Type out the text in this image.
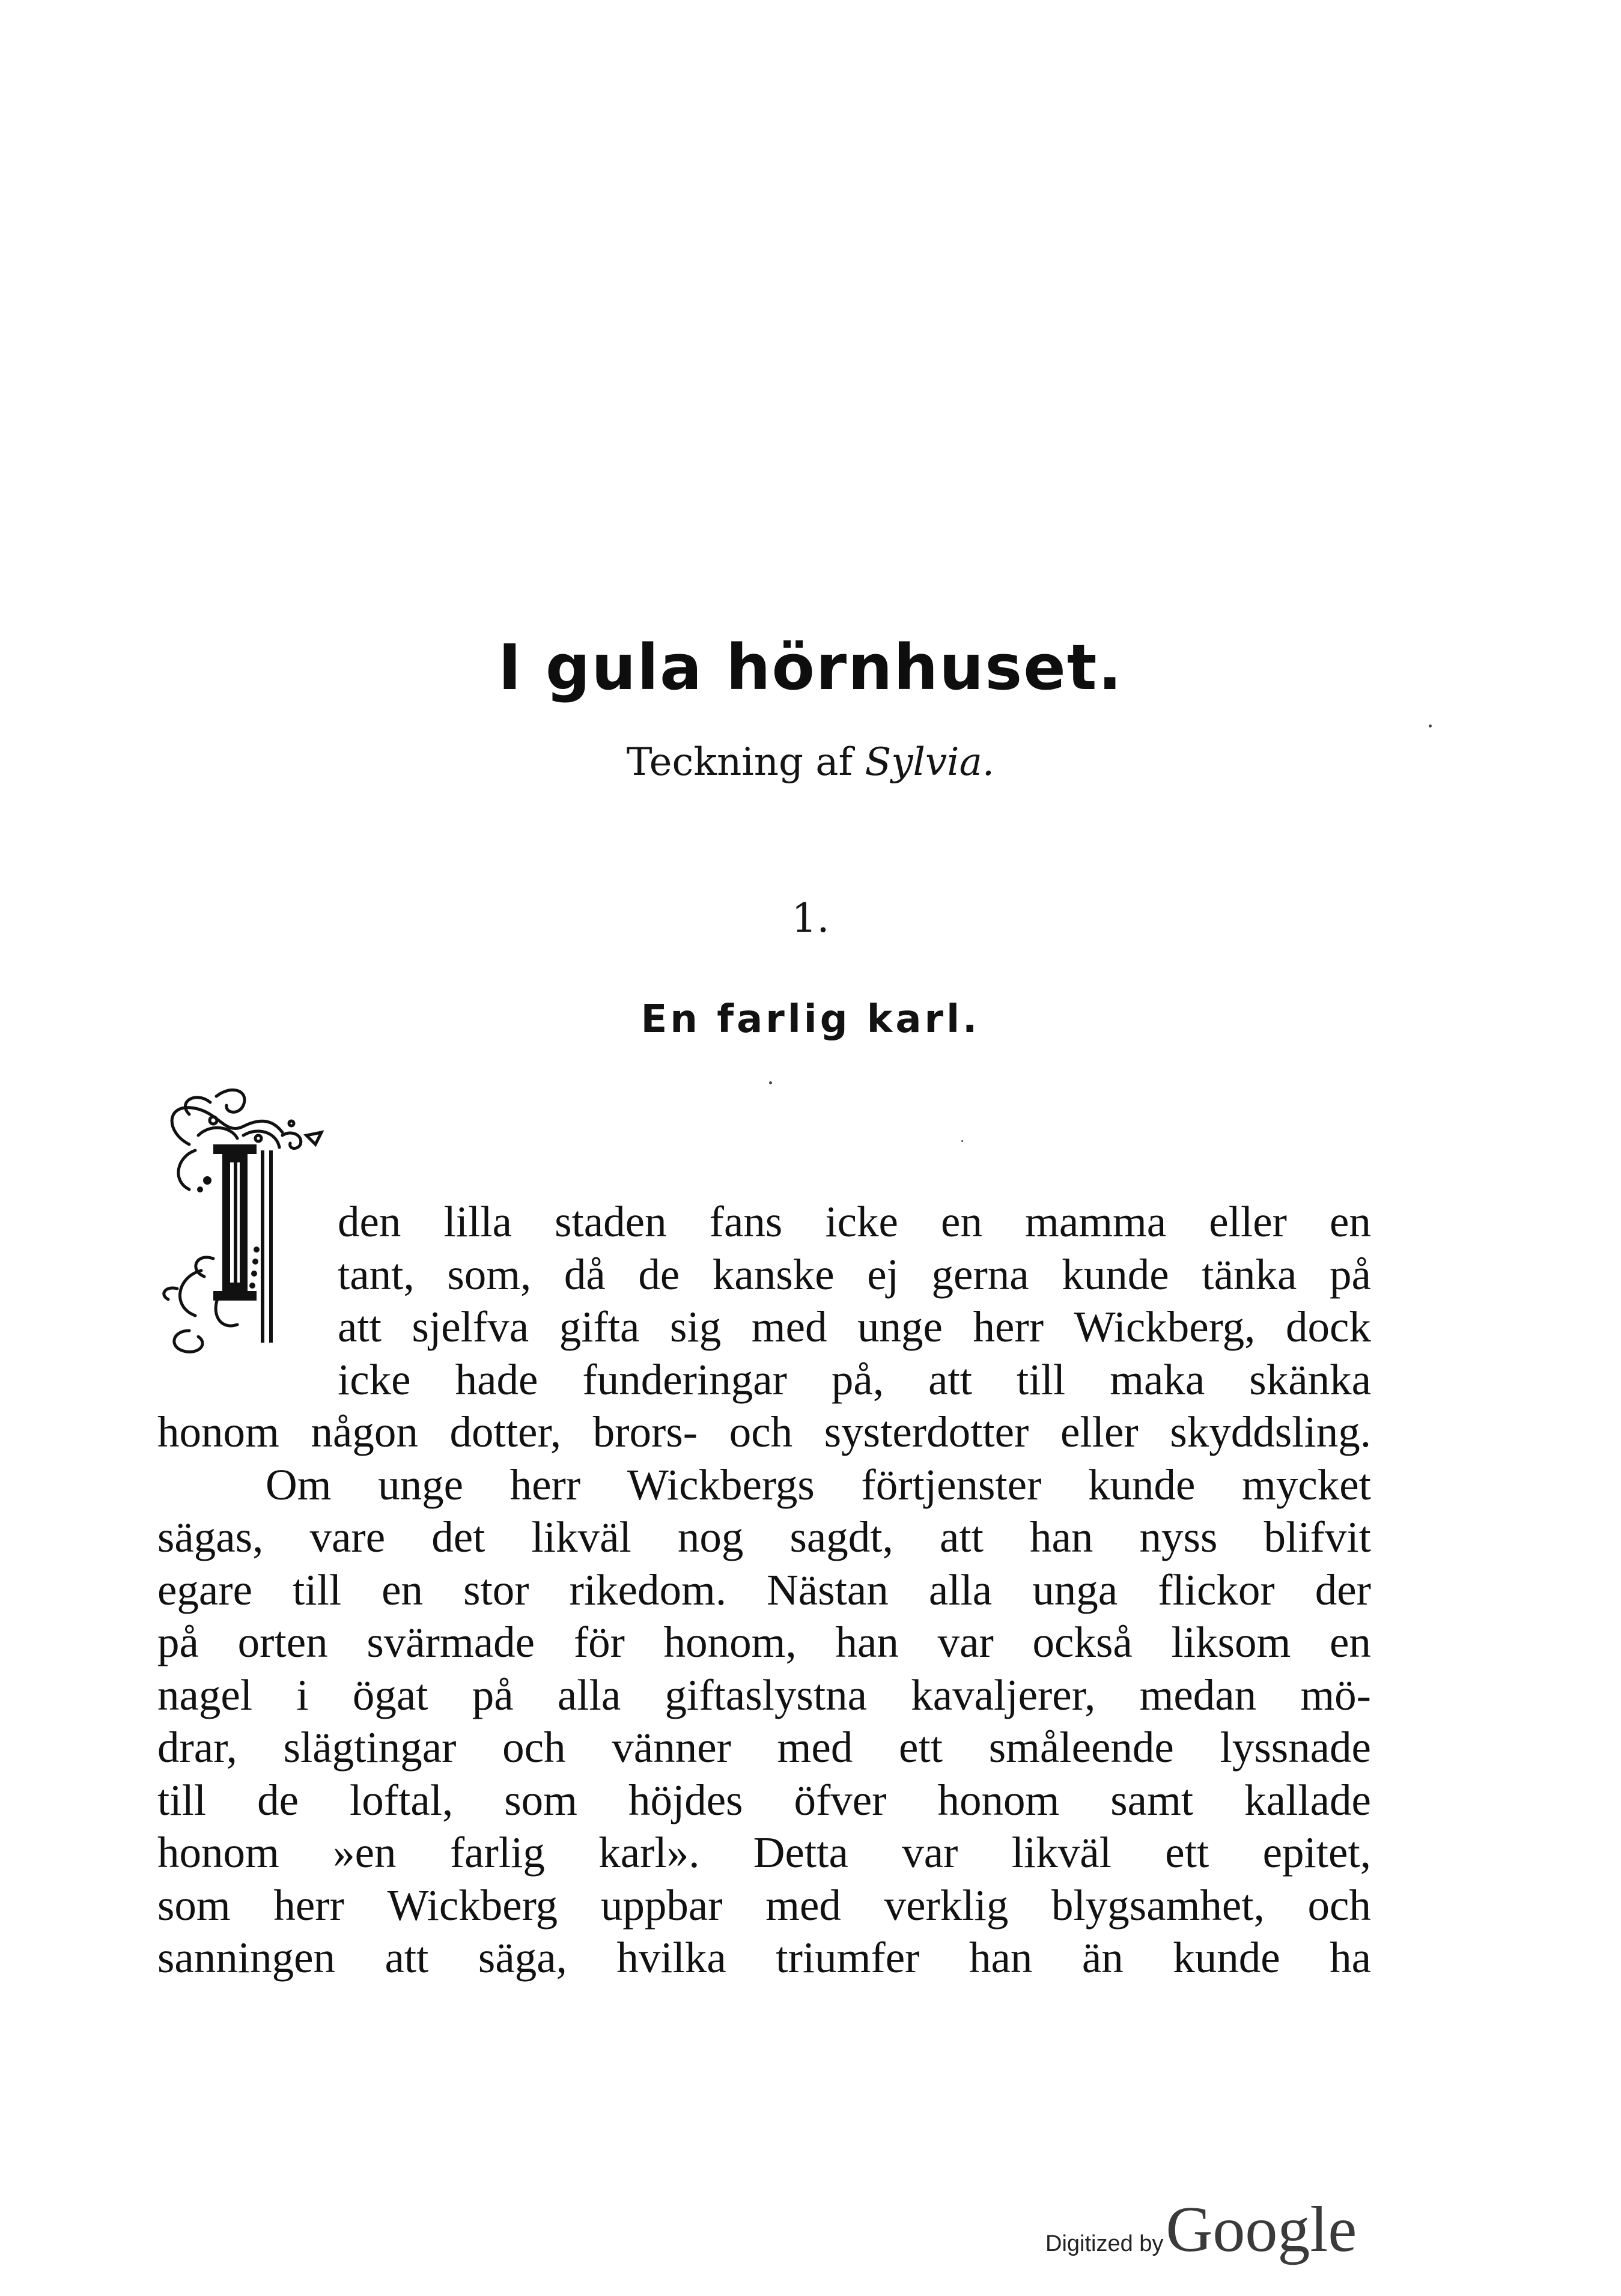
I gula hörnhuset.
Teckning af Sylvia.
1.
En farlig karl.
den lilla staden fans icke en mamma eller en
tant, som, då de kanske ej gerna kunde tänka på
att sjelfva gifta sig med unge herr Wickberg, dock
icke hade funderingar på, att till maka skänka
honom någon dotter, brors- och systerdotter eller skyddsling.
Om unge herr Wickbergs förtjenster kunde mycket
sägas, vare det likväl nog sagdt, att han nyss blifvit
egare till en stor rikedom. Nästan alla unga flickor der
på orten svärmade för honom, han var också liksom en
nagel i ögat på alla giftaslystna kavaljerer, medan mö-
drar, slägtingar och vänner med ett småleende lyssnade
till de loftal, som höjdes öfver honom samt kallade
honom »en farlig karl». Detta var likväl ett epitet,
som herr Wickberg uppbar med verklig blygsamhet, och
sanningen att säga, hvilka triumfer han än kunde ha
Digitized by Google
